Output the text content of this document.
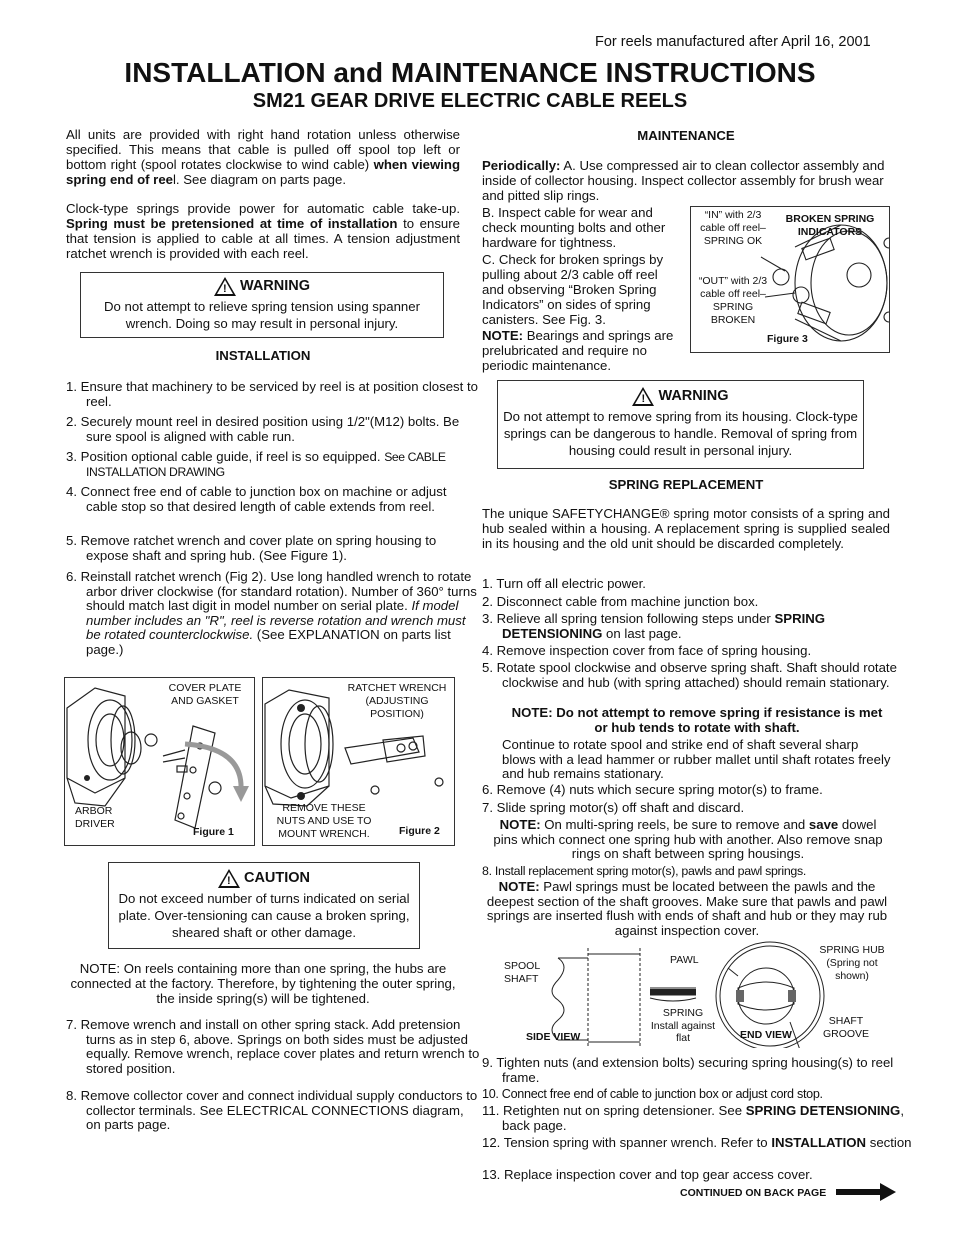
For reels manufactured after April 16, 2001
INSTALLATION and MAINTENANCE INSTRUCTIONS
SM21 GEAR DRIVE ELECTRIC CABLE REELS

All units are provided with right hand rotation unless otherwise specified. This means that cable is pulled off spool top left or bottom right (spool rotates clockwise to wind cable) when viewing spring end of reel. See diagram on parts page.

Clock-type springs provide power for automatic cable take-up. Spring must be pretensioned at time of installation to ensure that tension is applied to cable at all times. A tension adjustment ratchet wrench is provided with each reel.

! WARNING
Do not attempt to relieve spring tension using spanner wrench. Doing so may result in personal injury.
INSTALLATION
1. Ensure that machinery to be serviced by reel is at position closest to reel.
2. Securely mount reel in desired position using 1/2"(M12) bolts. Be sure spool is aligned with cable run.
3. Position optional cable guide, if reel is so equipped. See CABLE INSTALLATION DRAWING
4. Connect free end of cable to junction box on machine or adjust cable stop so that desired length of cable extends from reel.
5. Remove ratchet wrench and cover plate on spring housing to expose shaft and spring hub. (See Figure 1).
6. Reinstall ratchet wrench (Fig 2). Use long handled wrench to rotate arbor driver clockwise (for standard rotation). Number of 360° turns should match last digit in model number on serial plate. If model number includes an "R", reel is reverse rotation and wrench must be rotated counterclockwise. (See EXPLANATION on parts list page.)
COVER PLATE AND GASKET
ARBOR DRIVER
Figure 1
RATCHET WRENCH (ADJUSTING POSITION)
REMOVE THESE NUTS AND USE TO MOUNT WRENCH.	Figure 2
! CAUTION
Do not exceed number of turns indicated on serial plate. Over-tensioning can cause a broken spring, sheared shaft or other damage.
NOTE: On reels containing more than one spring, the hubs are connected at the factory. Therefore, by tightening the outer spring, the inside spring(s) will be tightened.
7. Remove wrench and install on other spring stack. Add pretension turns as in step 6, above. Springs on both sides must be adjusted equally. Remove wrench, replace cover plates and return wrench to stored position.
8. Remove collector cover and connect individual supply conductors to collector terminals. See ELECTRICAL CONNECTIONS diagram, on parts page.
MAINTENANCE

Periodically: A. Use compressed air to clean collector assembly and inside of collector housing. Inspect collector assembly for brush wear and pitted slip rings.

B. Inspect cable for wear and check mounting bolts and other hardware for tightness.

C. Check for broken springs by pulling about 2/3 cable off reel and observing “Broken Spring Indicators” on sides of spring canisters. See Fig. 3.

NOTE: Bearings and springs are prelubricated and require no periodic maintenance.

“IN” with 2/3 cable off reel– SPRING OK
BROKEN SPRING INDICATORS
“OUT” with 2/3 cable off reel– SPRING BROKEN
Figure 3
! WARNING
Do not attempt to remove spring from its housing. Clock-type springs can be dangerous to handle. Removal of spring from housing could result in personal injury.
SPRING REPLACEMENT

The unique SAFETYCHANGE® spring motor consists of a spring and hub sealed within a housing. A replacement spring is supplied sealed in its housing and the old unit should be discarded completely.

1. Turn off all electric power.
2. Disconnect cable from machine junction box.
3. Relieve all spring tension following steps under SPRING DETENSIONING on last page.
4. Remove inspection cover from face of spring housing.
5. Rotate spool clockwise and observe spring shaft. Shaft should rotate clockwise and hub (with spring attached) should remain stationary.
NOTE: Do not attempt to remove spring if resistance is met or hub tends to rotate with shaft.
Continue to rotate spool and strike end of shaft several sharp blows with a lead hammer or rubber mallet until shaft rotates freely and hub remains stationary.
6. Remove (4) nuts which secure spring motor(s) to frame.
7. Slide spring motor(s) off shaft and discard.
NOTE: On multi-spring reels, be sure to remove and save dowel pins which connect one spring hub with another. Also remove snap rings on shaft between spring housings.
8. Install replacement spring motor(s), pawls and pawl springs.
NOTE: Pawl springs must be located between the pawls and the deepest section of the shaft grooves. Make sure that pawls and pawl springs are inserted flush with ends of shaft and hub or they may rub against inspection cover.
SPOOL SHAFT
SIDE VIEW
PAWL
SPRING
Install against flat	END VIEW
SPRING HUB
(Spring not shown)
SHAFT GROOVE
9. Tighten nuts (and extension bolts) securing spring housing(s) to reel frame.
10. Connect free end of cable to junction box or adjust cord stop.
11. Retighten nut on spring detensioner. See SPRING DETENSIONING, back page.
12. Tension spring with spanner wrench. Refer to INSTALLATION section
13. Replace inspection cover and top gear access cover.
CONTINUED ON BACK PAGE
